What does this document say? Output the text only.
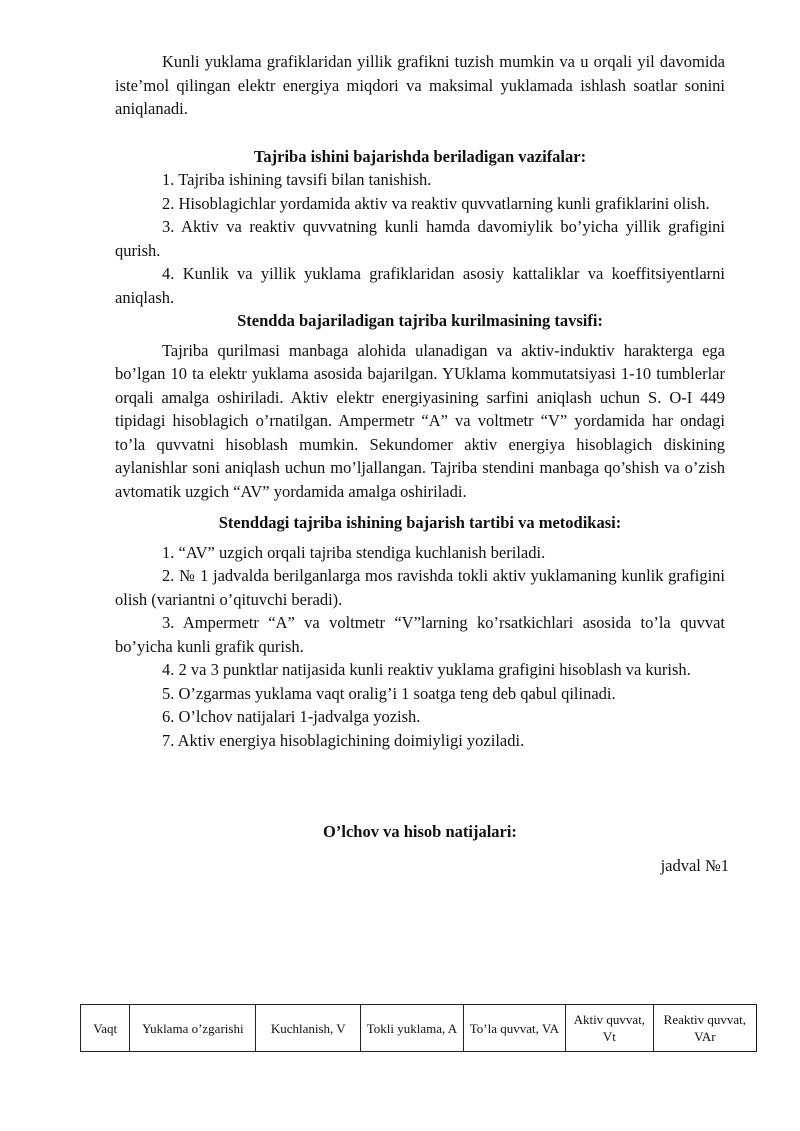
Kunli yuklama grafiklaridan yillik grafikni tuzish mumkin va u orqali yil davomida iste’mol qilingan elektr energiya miqdori va maksimal yuklamada ishlash soatlar sonini aniqlanadi.

Tajriba ishini bajarishda beriladigan vazifalar:

1. Tajriba ishining tavsifi bilan tanishish.

2. Hisoblagichlar yordamida aktiv va reaktiv quvvatlarning kunli grafiklarini olish.

3. Aktiv va reaktiv quvvatning kunli hamda davomiylik bo’yicha yillik grafigini qurish.

4. Kunlik va yillik yuklama grafiklaridan asosiy kattaliklar va koeffitsiyentlarni aniqlash.

Stendda bajariladigan tajriba kurilmasining tavsifi:

Tajriba qurilmasi manbaga alohida ulanadigan va aktiv-induktiv harakterga ega bo’lgan 10 ta elektr yuklama asosida bajarilgan. YUklama kommutatsiyasi 1-10 tumblerlar orqali amalga oshiriladi. Aktiv elektr energiyasining sarfini aniqlash uchun S. O-I 449 tipidagi hisoblagich o’rnatilgan. Ampermetr “A” va voltmetr “V” yordamida har ondagi to’la quvvatni hisoblash mumkin. Sekundomer aktiv energiya hisoblagich diskining aylanishlar soni aniqlash uchun mo’ljallangan. Tajriba stendini manbaga qo’shish va o’zish avtomatik uzgich “AV” yordamida amalga oshiriladi.

Stenddagi tajriba ishining bajarish tartibi va metodikasi:

1. “AV” uzgich orqali tajriba stendiga kuchlanish beriladi.

2. № 1 jadvalda berilganlarga mos ravishda tokli aktiv yuklamaning kunlik grafigini olish (variantni o’qituvchi beradi).

3. Ampermetr “A” va voltmetr “V”larning ko’rsatkichlari asosida to’la quvvat bo’yicha kunli grafik qurish.

4. 2 va 3 punktlar natijasida kunli reaktiv yuklama grafigini hisoblash va kurish.

5. O’zgarmas yuklama vaqt oralig’i 1 soatga teng deb qabul qilinadi.

6. O’lchov natijalari 1-jadvalga yozish.

7. Aktiv energiya hisoblagichining doimiyligi yoziladi.

O’lchov va hisob natijalari:

jadval №1

Vaqt	Yuklama o’zgarishi	Kuchlanish, V	Tokli yuklama, A	To’la quvvat, VA	Aktiv quvvat, Vt	Reaktiv quvvat, VAr
